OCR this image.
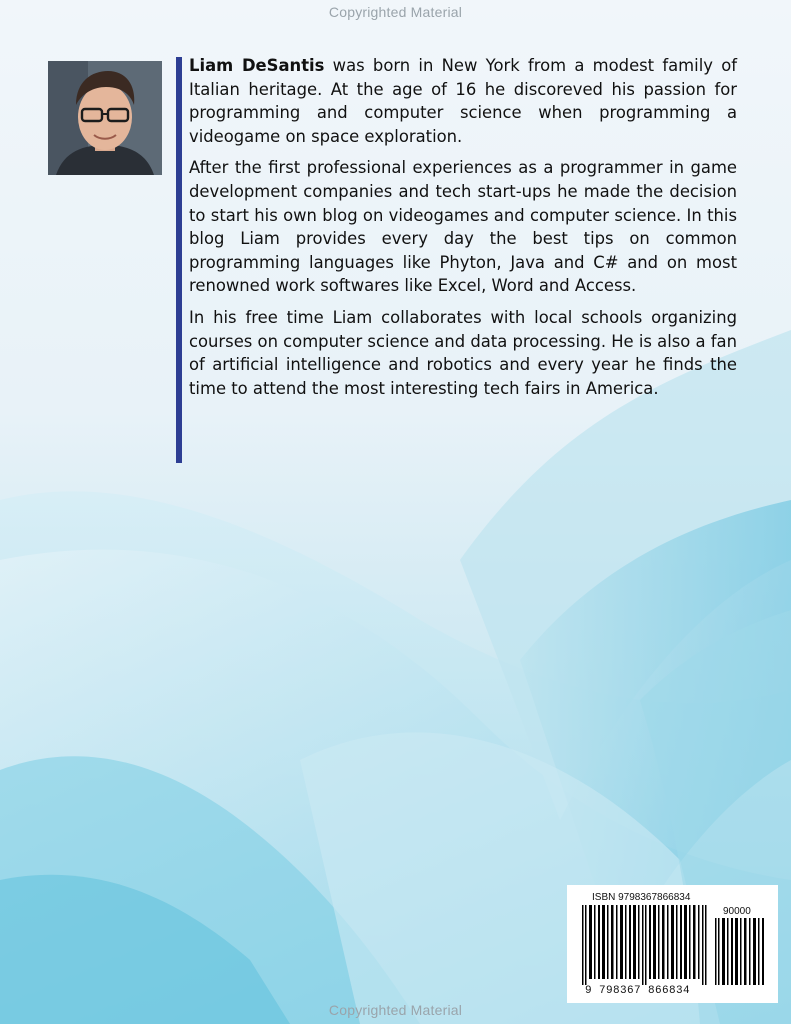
Copyrighted Material

Liam DeSantis was born in New York from a modest family of Italian heritage. At the age of 16 he discoreved his passion for programming and computer science when programming a videogame on space exploration.

After the first professional experiences as a programmer in game development companies and tech start-ups he made the decision to start his own blog on videogames and computer science. In this blog Liam provides every day the best tips on common programming languages like Phyton, Java and C# and on most renowned work softwares like Excel, Word and Access.

In his free time Liam collaborates with local schools organizing courses on computer science and data processing. He is also a fan of artificial intelligence and robotics and every year he finds the time to attend the most interesting tech fairs in America.

ISBN 9798367866834
90000
9 798367 866834
Copyrighted Material
